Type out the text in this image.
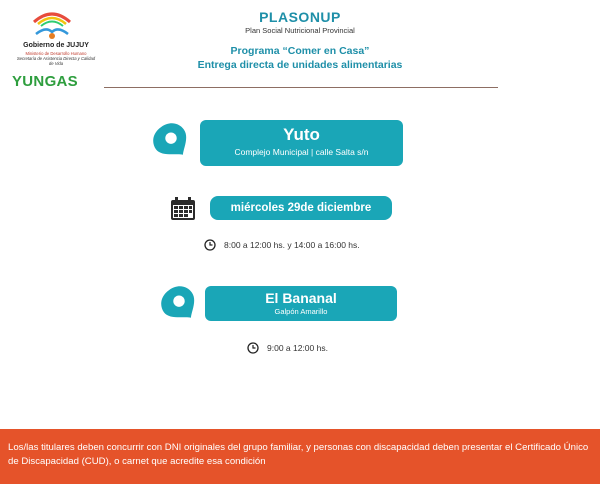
Gobierno de JUJUY
Ministerio de Desarrollo Humano
Secretaría de Asistencia Directa y Calidad de Vida
YUNGAS
PLASONUP
Plan Social Nutricional Provincial
Programa “Comer en Casa”
Entrega directa de unidades alimentarias
Yuto
Complejo Municipal | calle Salta s/n
miércoles 29de diciembre
8:00 a 12:00 hs. y 14:00 a 16:00 hs.
El Bananal
Galpón Amarillo
9:00 a 12:00 hs.
Los/las titulares deben concurrir con DNI originales del grupo familiar, y personas con discapacidad deben presentar el Certificado Único de Discapacidad (CUD), o carnet que acredite esa condición
